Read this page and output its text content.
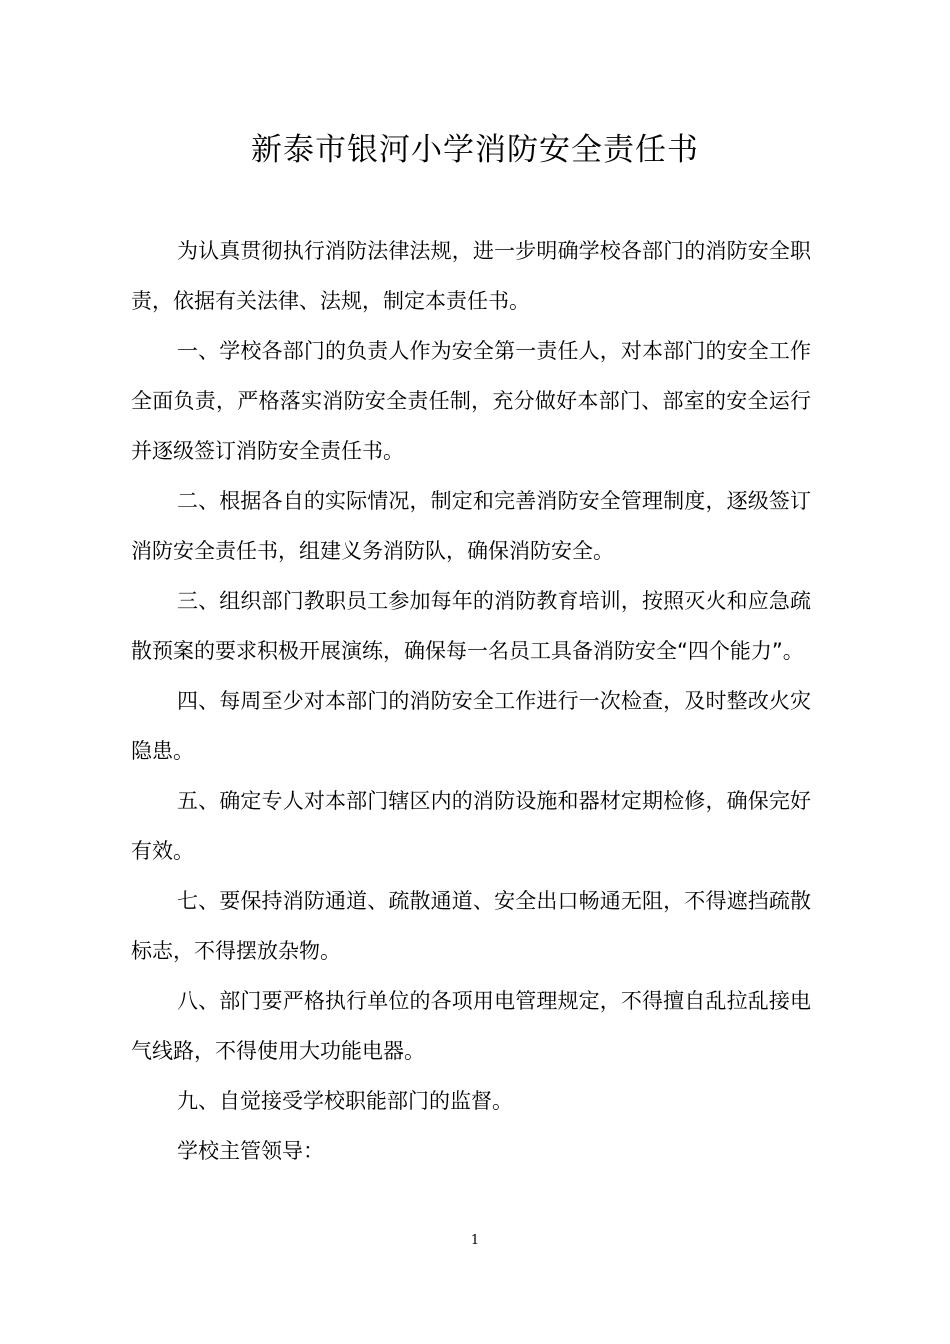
新泰市银河小学消防安全责任书

为认真贯彻执行消防法律法规，进一步明确学校各部门的消防安全职责，依据有关法律、法规，制定本责任书。

一、学校各部门的负责人作为安全第一责任人，对本部门的安全工作全面负责，严格落实消防安全责任制，充分做好本部门、部室的安全运行并逐级签订消防安全责任书。

二、根据各自的实际情况，制定和完善消防安全管理制度，逐级签订消防安全责任书，组建义务消防队，确保消防安全。

三、组织部门教职员工参加每年的消防教育培训，按照灭火和应急疏散预案的要求积极开展演练，确保每一名员工具备消防安全“四个能力”。

四、每周至少对本部门的消防安全工作进行一次检查，及时整改火灾隐患。

五、确定专人对本部门辖区内的消防设施和器材定期检修，确保完好有效。

七、要保持消防通道、疏散通道、安全出口畅通无阻，不得遮挡疏散标志，不得摆放杂物。

八、部门要严格执行单位的各项用电管理规定，不得擅自乱拉乱接电气线路，不得使用大功能电器。

九、自觉接受学校职能部门的监督。

学校主管领导：

1
